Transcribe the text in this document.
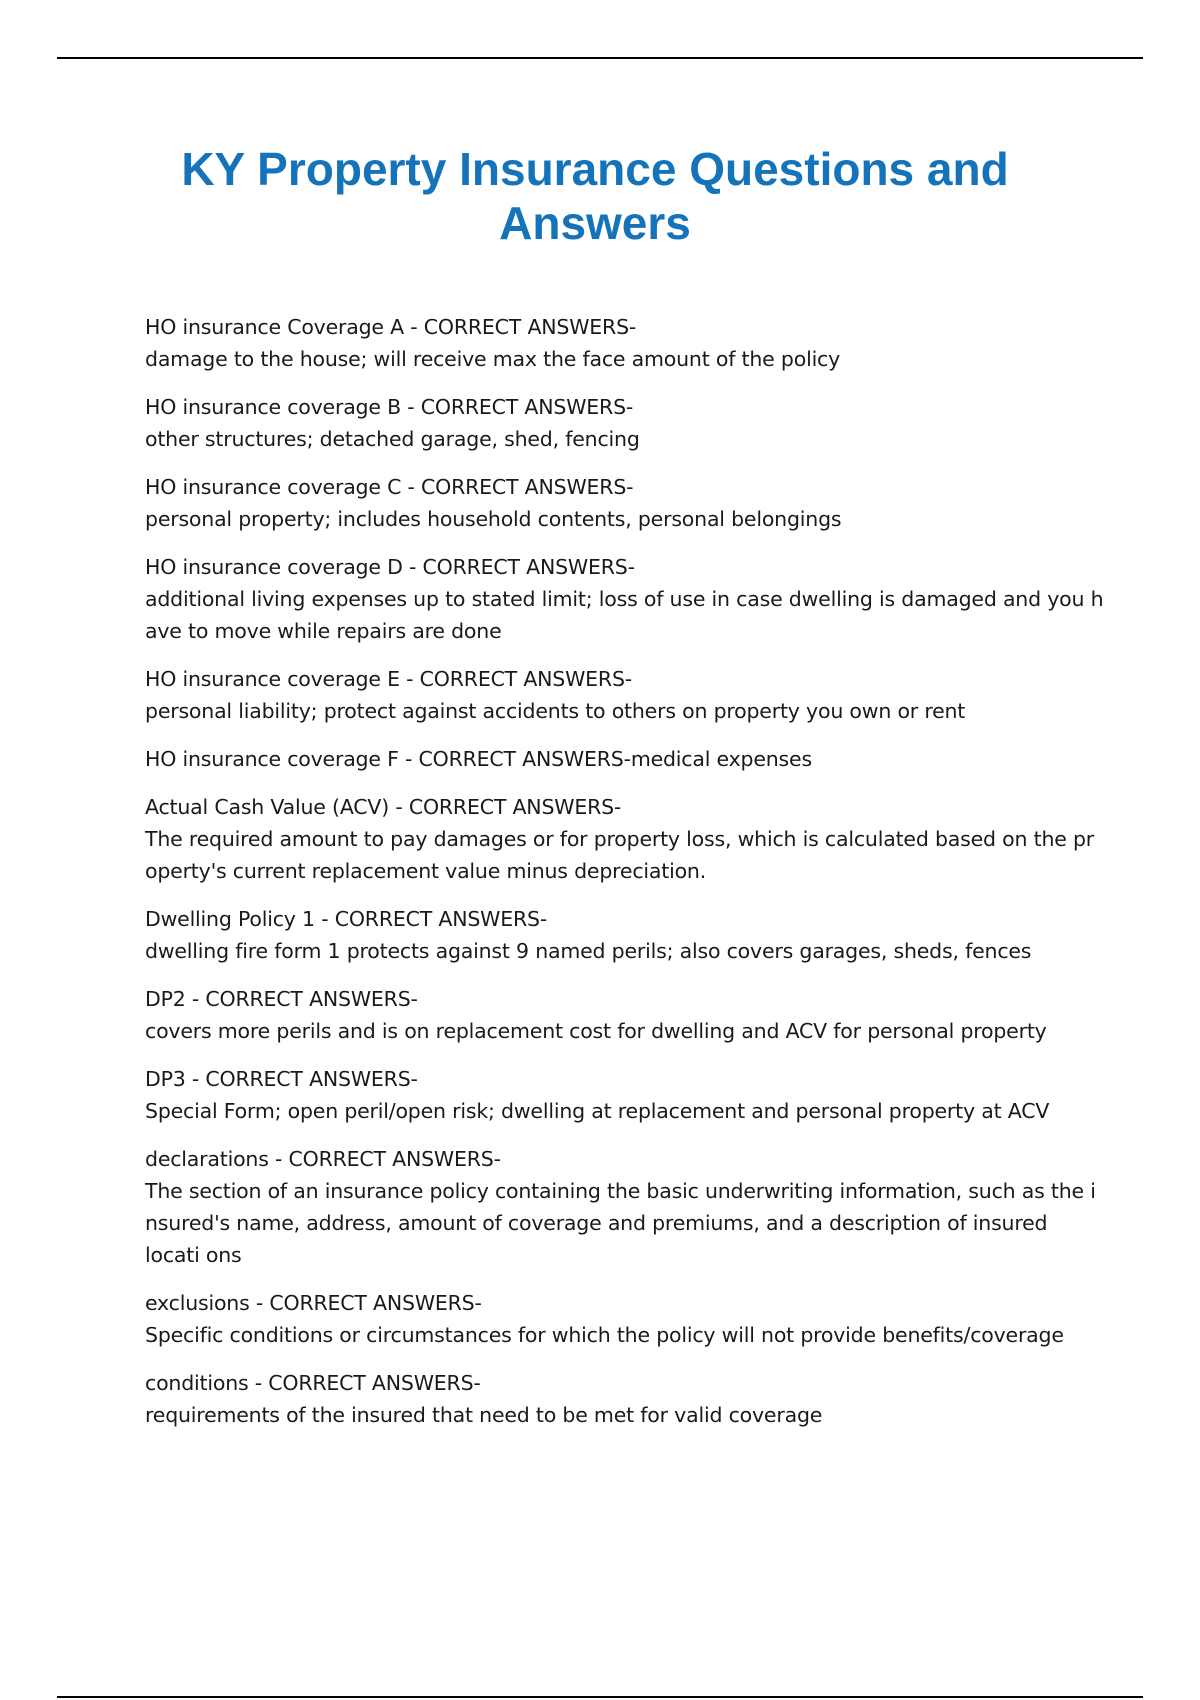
KY Property Insurance Questions and Answers
HO insurance Coverage A - CORRECT ANSWERS-
damage to the house; will receive max the face amount of the policy
HO insurance coverage B - CORRECT ANSWERS-
other structures; detached garage, shed, fencing
HO insurance coverage C - CORRECT ANSWERS-
personal property; includes household contents, personal belongings
HO insurance coverage D - CORRECT ANSWERS-
additional living expenses up to stated limit; loss of use in case dwelling is damaged and you h ave to move while repairs are done
HO insurance coverage E - CORRECT ANSWERS-
personal liability; protect against accidents to others on property you own or rent
HO insurance coverage F - CORRECT ANSWERS-medical expenses
Actual Cash Value (ACV) - CORRECT ANSWERS-
The required amount to pay damages or for property loss, which is calculated based on the pr operty's current replacement value minus depreciation.
Dwelling Policy 1 - CORRECT ANSWERS-
dwelling fire form 1 protects against 9 named perils; also covers garages, sheds, fences
DP2 - CORRECT ANSWERS-
covers more perils and is on replacement cost for dwelling and ACV for personal property
DP3 - CORRECT ANSWERS-
Special Form; open peril/open risk; dwelling at replacement and personal property at ACV
declarations - CORRECT ANSWERS-
The section of an insurance policy containing the basic underwriting information, such as the i nsured's name, address, amount of coverage and premiums, and a description of insured locati ons
exclusions - CORRECT ANSWERS-
Specific conditions or circumstances for which the policy will not provide benefits/coverage
conditions - CORRECT ANSWERS-
requirements of the insured that need to be met for valid coverage
